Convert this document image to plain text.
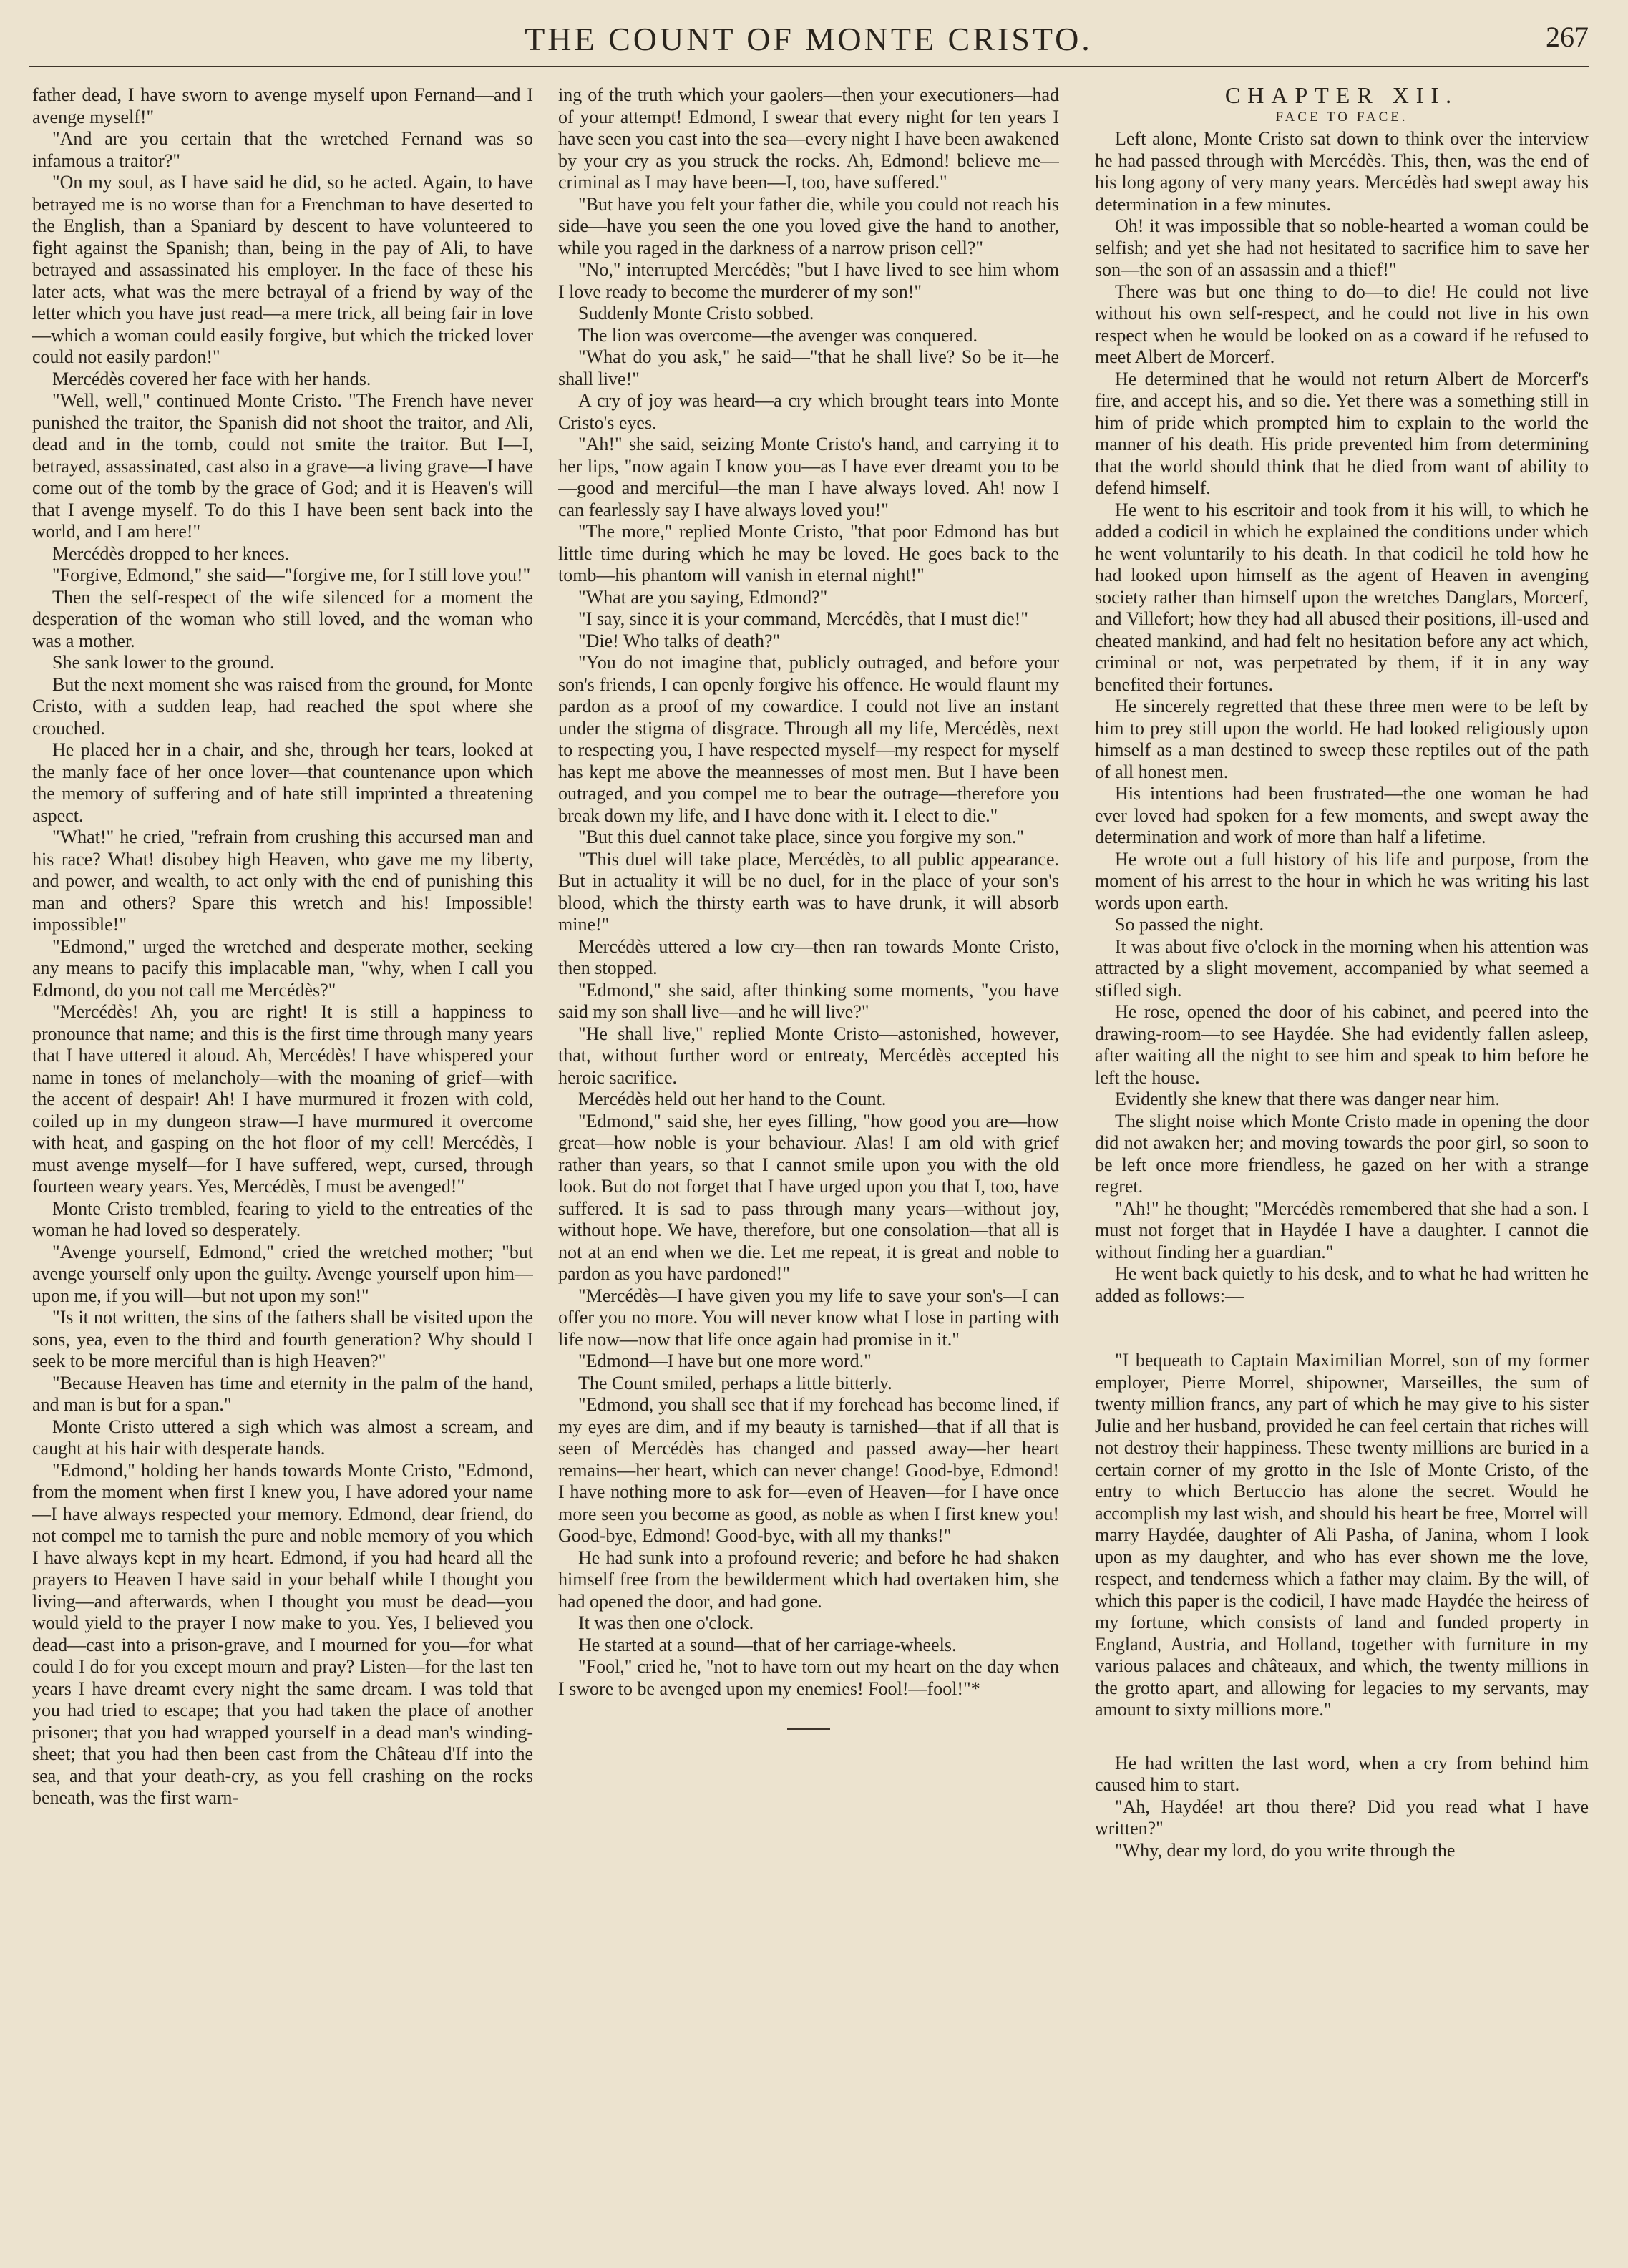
THE COUNT OF MONTE CRISTO.	267

father dead, I have sworn to avenge myself upon Fernand—and I avenge myself!"

"And are you certain that the wretched Fernand was so infamous a traitor?"

"On my soul, as I have said he did, so he acted. Again, to have betrayed me is no worse than for a Frenchman to have deserted to the English, than a Spaniard by descent to have volunteered to fight against the Spanish; than, being in the pay of Ali, to have betrayed and assassinated his employer. In the face of these his later acts, what was the mere betrayal of a friend by way of the letter which you have just read—a mere trick, all being fair in love—which a woman could easily forgive, but which the tricked lover could not easily pardon!"

Mercédès covered her face with her hands.

"Well, well," continued Monte Cristo. "The French have never punished the traitor, the Spanish did not shoot the traitor, and Ali, dead and in the tomb, could not smite the traitor. But I—I, betrayed, assassinated, cast also in a grave—a living grave—I have come out of the tomb by the grace of God; and it is Heaven's will that I avenge myself. To do this I have been sent back into the world, and I am here!"

Mercédès dropped to her knees.

"Forgive, Edmond," she said—"forgive me, for I still love you!"

Then the self-respect of the wife silenced for a moment the desperation of the woman who still loved, and the woman who was a mother.

She sank lower to the ground.

But the next moment she was raised from the ground, for Monte Cristo, with a sudden leap, had reached the spot where she crouched.

He placed her in a chair, and she, through her tears, looked at the manly face of her once lover—that countenance upon which the memory of suffering and of hate still imprinted a threatening aspect.

"What!" he cried, "refrain from crushing this accursed man and his race? What! disobey high Heaven, who gave me my liberty, and power, and wealth, to act only with the end of punishing this man and others? Spare this wretch and his! Impossible! impossible!"

"Edmond," urged the wretched and desperate mother, seeking any means to pacify this implacable man, "why, when I call you Edmond, do you not call me Mercédès?"

"Mercédès! Ah, you are right! It is still a happiness to pronounce that name; and this is the first time through many years that I have uttered it aloud. Ah, Mercédès! I have whispered your name in tones of melancholy—with the moaning of grief—with the accent of despair! Ah! I have murmured it frozen with cold, coiled up in my dungeon straw—I have murmured it overcome with heat, and gasping on the hot floor of my cell! Mercédès, I must avenge myself—for I have suffered, wept, cursed, through fourteen weary years. Yes, Mercédès, I must be avenged!"

Monte Cristo trembled, fearing to yield to the entreaties of the woman he had loved so desperately.

"Avenge yourself, Edmond," cried the wretched mother; "but avenge yourself only upon the guilty. Avenge yourself upon him—upon me, if you will—but not upon my son!"

"Is it not written, the sins of the fathers shall be visited upon the sons, yea, even to the third and fourth generation? Why should I seek to be more merciful than is high Heaven?"

"Because Heaven has time and eternity in the palm of the hand, and man is but for a span."

Monte Cristo uttered a sigh which was almost a scream, and caught at his hair with desperate hands.

"Edmond," holding her hands towards Monte Cristo, "Edmond, from the moment when first I knew you, I have adored your name—I have always respected your memory. Edmond, dear friend, do not compel me to tarnish the pure and noble memory of you which I have always kept in my heart. Edmond, if you had heard all the prayers to Heaven I have said in your behalf while I thought you living—and afterwards, when I thought you must be dead—you would yield to the prayer I now make to you. Yes, I believed you dead—cast into a prison-grave, and I mourned for you—for what could I do for you except mourn and pray? Listen—for the last ten years I have dreamt every night the same dream. I was told that you had tried to escape; that you had taken the place of another prisoner; that you had wrapped yourself in a dead man's winding-sheet; that you had then been cast from the Château d'If into the sea, and that your death-cry, as you fell crashing on the rocks beneath, was the first warn-

ing of the truth which your gaolers—then your executioners—had of your attempt! Edmond, I swear that every night for ten years I have seen you cast into the sea—every night I have been awakened by your cry as you struck the rocks. Ah, Edmond! believe me—criminal as I may have been—I, too, have suffered."

"But have you felt your father die, while you could not reach his side—have you seen the one you loved give the hand to another, while you raged in the darkness of a narrow prison cell?"

"No," interrupted Mercédès; "but I have lived to see him whom I love ready to become the murderer of my son!"

Suddenly Monte Cristo sobbed.

The lion was overcome—the avenger was conquered.

"What do you ask," he said—"that he shall live? So be it—he shall live!"

A cry of joy was heard—a cry which brought tears into Monte Cristo's eyes.

"Ah!" she said, seizing Monte Cristo's hand, and carrying it to her lips, "now again I know you—as I have ever dreamt you to be—good and merciful—the man I have always loved. Ah! now I can fearlessly say I have always loved you!"

"The more," replied Monte Cristo, "that poor Edmond has but little time during which he may be loved. He goes back to the tomb—his phantom will vanish in eternal night!"

"What are you saying, Edmond?"

"I say, since it is your command, Mercédès, that I must die!"

"Die! Who talks of death?"

"You do not imagine that, publicly outraged, and before your son's friends, I can openly forgive his offence. He would flaunt my pardon as a proof of my cowardice. I could not live an instant under the stigma of disgrace. Through all my life, Mercédès, next to respecting you, I have respected myself—my respect for myself has kept me above the meannesses of most men. But I have been outraged, and you compel me to bear the outrage—therefore you break down my life, and I have done with it. I elect to die."

"But this duel cannot take place, since you forgive my son."

"This duel will take place, Mercédès, to all public appearance. But in actuality it will be no duel, for in the place of your son's blood, which the thirsty earth was to have drunk, it will absorb mine!"

Mercédès uttered a low cry—then ran towards Monte Cristo, then stopped.

"Edmond," she said, after thinking some moments, "you have said my son shall live—and he will live?"

"He shall live," replied Monte Cristo—astonished, however, that, without further word or entreaty, Mercédès accepted his heroic sacrifice.

Mercédès held out her hand to the Count.

"Edmond," said she, her eyes filling, "how good you are—how great—how noble is your behaviour. Alas! I am old with grief rather than years, so that I cannot smile upon you with the old look. But do not forget that I have urged upon you that I, too, have suffered. It is sad to pass through many years—without joy, without hope. We have, therefore, but one consolation—that all is not at an end when we die. Let me repeat, it is great and noble to pardon as you have pardoned!"

"Mercédès—I have given you my life to save your son's—I can offer you no more. You will never know what I lose in parting with life now—now that life once again had promise in it."

"Edmond—I have but one more word."

The Count smiled, perhaps a little bitterly.

"Edmond, you shall see that if my forehead has become lined, if my eyes are dim, and if my beauty is tarnished—that if all that is seen of Mercédès has changed and passed away—her heart remains—her heart, which can never change! Good-bye, Edmond! I have nothing more to ask for—even of Heaven—for I have once more seen you become as good, as noble as when I first knew you! Good-bye, Edmond! Good-bye, with all my thanks!"

He had sunk into a profound reverie; and before he had shaken himself free from the bewilderment which had overtaken him, she had opened the door, and had gone.

It was then one o'clock.

He started at a sound—that of her carriage-wheels.

"Fool," cried he, "not to have torn out my heart on the day when I swore to be avenged upon my enemies! Fool!—fool!"*

CHAPTER XII.

FACE TO FACE.

Left alone, Monte Cristo sat down to think over the interview he had passed through with Mercédès. This, then, was the end of his long agony of very many years. Mercédès had swept away his determination in a few minutes.

Oh! it was impossible that so noble-hearted a woman could be selfish; and yet she had not hesitated to sacrifice him to save her son—the son of an assassin and a thief!"

There was but one thing to do—to die! He could not live without his own self-respect, and he could not live in his own respect when he would be looked on as a coward if he refused to meet Albert de Morcerf.

He determined that he would not return Albert de Morcerf's fire, and accept his, and so die. Yet there was a something still in him of pride which prompted him to explain to the world the manner of his death. His pride prevented him from determining that the world should think that he died from want of ability to defend himself.

He went to his escritoir and took from it his will, to which he added a codicil in which he explained the conditions under which he went voluntarily to his death. In that codicil he told how he had looked upon himself as the agent of Heaven in avenging society rather than himself upon the wretches Danglars, Morcerf, and Villefort; how they had all abused their positions, ill-used and cheated mankind, and had felt no hesitation before any act which, criminal or not, was perpetrated by them, if it in any way benefited their fortunes.

He sincerely regretted that these three men were to be left by him to prey still upon the world. He had looked religiously upon himself as a man destined to sweep these reptiles out of the path of all honest men.

His intentions had been frustrated—the one woman he had ever loved had spoken for a few moments, and swept away the determination and work of more than half a lifetime.

He wrote out a full history of his life and purpose, from the moment of his arrest to the hour in which he was writing his last words upon earth.

So passed the night.

It was about five o'clock in the morning when his attention was attracted by a slight movement, accompanied by what seemed a stifled sigh.

He rose, opened the door of his cabinet, and peered into the drawing-room—to see Haydée. She had evidently fallen asleep, after waiting all the night to see him and speak to him before he left the house.

Evidently she knew that there was danger near him.

The slight noise which Monte Cristo made in opening the door did not awaken her; and moving towards the poor girl, so soon to be left once more friendless, he gazed on her with a strange regret.

"Ah!" he thought; "Mercédès remembered that she had a son. I must not forget that in Haydée I have a daughter. I cannot die without finding her a guardian."

He went back quietly to his desk, and to what he had written he added as follows:—

"I bequeath to Captain Maximilian Morrel, son of my former employer, Pierre Morrel, shipowner, Marseilles, the sum of twenty million francs, any part of which he may give to his sister Julie and her husband, provided he can feel certain that riches will not destroy their happiness. These twenty millions are buried in a certain corner of my grotto in the Isle of Monte Cristo, of the entry to which Bertuccio has alone the secret. Would he accomplish my last wish, and should his heart be free, Morrel will marry Haydée, daughter of Ali Pasha, of Janina, whom I look upon as my daughter, and who has ever shown me the love, respect, and tenderness which a father may claim. By the will, of which this paper is the codicil, I have made Haydée the heiress of my fortune, which consists of land and funded property in England, Austria, and Holland, together with furniture in my various palaces and châteaux, and which, the twenty millions in the grotto apart, and allowing for legacies to my servants, may amount to sixty millions more."

He had written the last word, when a cry from behind him caused him to start.

"Ah, Haydée! art thou there? Did you read what I have written?"

"Why, dear my lord, do you write through the
